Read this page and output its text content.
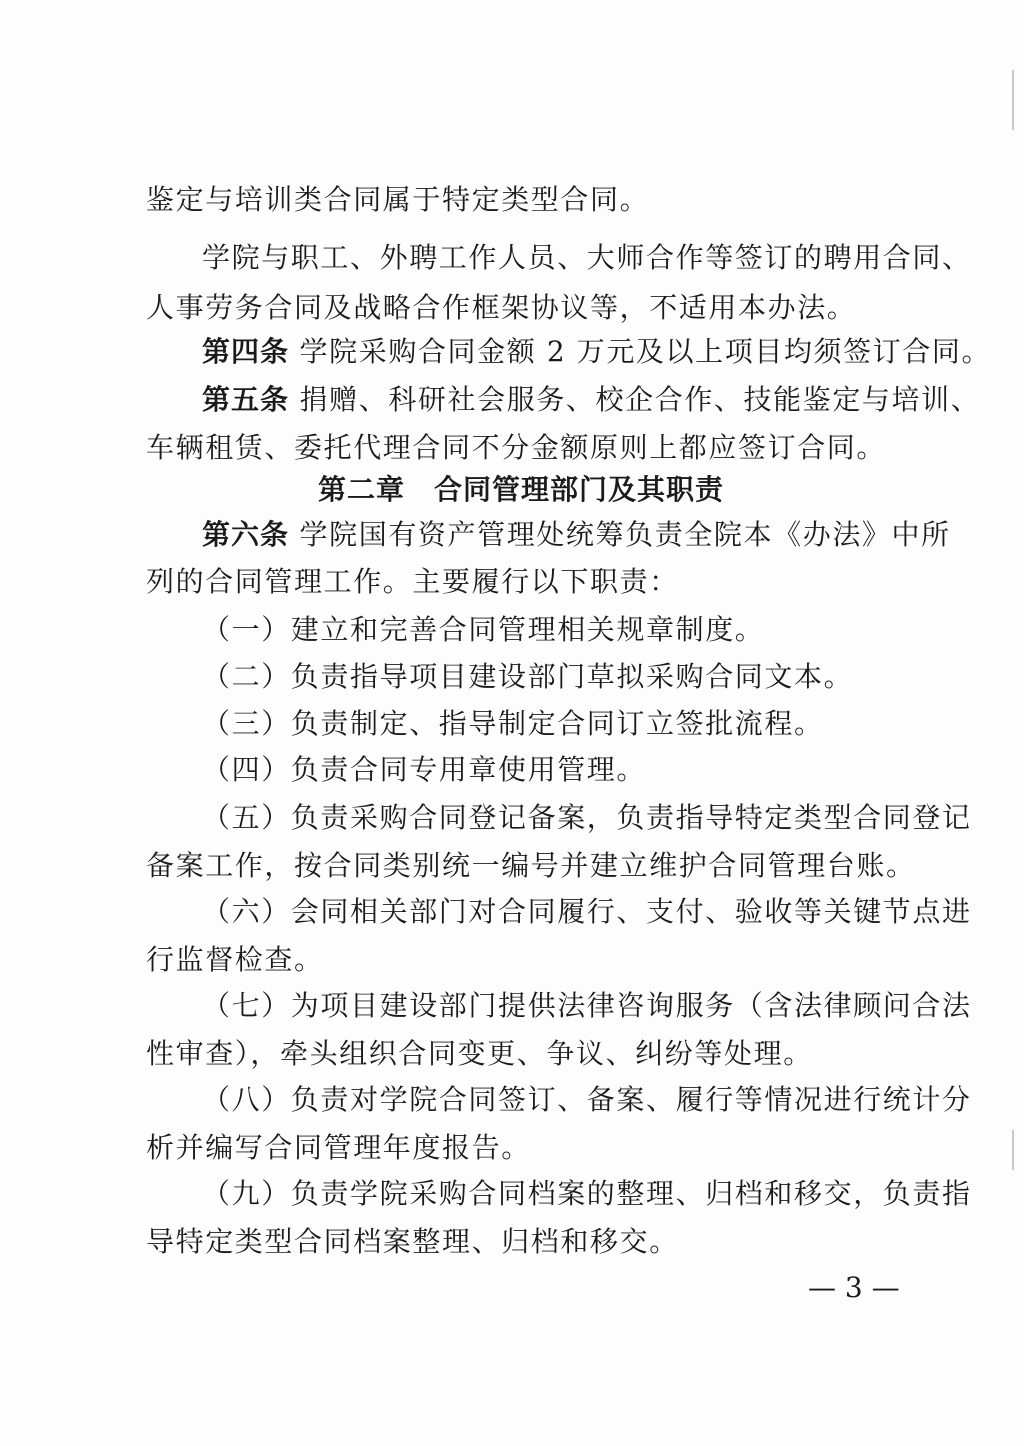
鉴定与培训类合同属于特定类型合同。
学院与职工、外聘工作人员、大师合作等签订的聘用合同、
人事劳务合同及战略合作框架协议等，不适用本办法。
第四条 学院采购合同金额 2 万元及以上项目均须签订合同。
第五条 捐赠、科研社会服务、校企合作、技能鉴定与培训、
车辆租赁、委托代理合同不分金额原则上都应签订合同。
第二章　合同管理部门及其职责
第六条 学院国有资产管理处统筹负责全院本《办法》中所
列的合同管理工作。主要履行以下职责：
（一）建立和完善合同管理相关规章制度。
（二）负责指导项目建设部门草拟采购合同文本。
（三）负责制定、指导制定合同订立签批流程。
（四）负责合同专用章使用管理。
（五）负责采购合同登记备案，负责指导特定类型合同登记
备案工作，按合同类别统一编号并建立维护合同管理台账。
（六）会同相关部门对合同履行、支付、验收等关键节点进
行监督检查。
（七）为项目建设部门提供法律咨询服务（含法律顾问合法
性审查），牵头组织合同变更、争议、纠纷等处理。
（八）负责对学院合同签订、备案、履行等情况进行统计分
析并编写合同管理年度报告。
（九）负责学院采购合同档案的整理、归档和移交，负责指
导特定类型合同档案整理、归档和移交。
— 3 —
